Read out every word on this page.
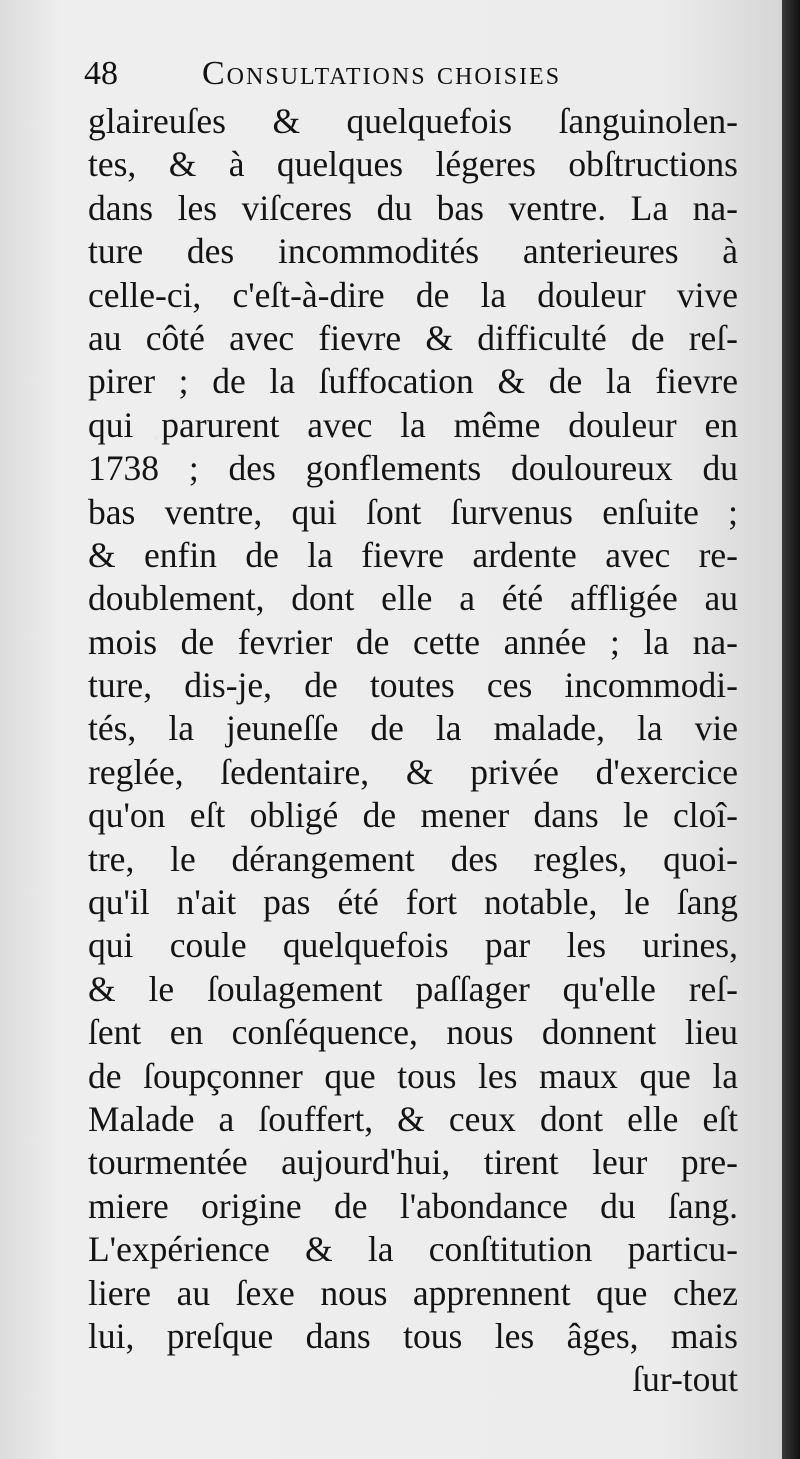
48 Consultations choisies
glaireuſes & quelquefois ſanguinolen-
tes, & à quelques légeres obſtructions
dans les viſceres du bas ventre. La na-
ture des incommodités anterieures à
celle-ci, c'eſt-à-dire de la douleur vive
au côté avec fievre & difficulté de reſ-
pirer ; de la ſuffocation & de la fievre
qui parurent avec la même douleur en
1738 ; des gonflements douloureux du
bas ventre, qui ſont ſurvenus enſuite ;
& enfin de la fievre ardente avec re-
doublement, dont elle a été affligée au
mois de fevrier de cette année ; la na-
ture, dis-je, de toutes ces incommodi-
tés, la jeuneſſe de la malade, la vie
reglée, ſedentaire, & privée d'exercice
qu'on eſt obligé de mener dans le cloî-
tre, le dérangement des regles, quoi-
qu'il n'ait pas été fort notable, le ſang
qui coule quelquefois par les urines,
& le ſoulagement paſſager qu'elle reſ-
ſent en conſéquence, nous donnent lieu
de ſoupçonner que tous les maux que la
Malade a ſouffert, & ceux dont elle eſt
tourmentée aujourd'hui, tirent leur pre-
miere origine de l'abondance du ſang.
L'expérience & la conſtitution particu-
liere au ſexe nous apprennent que chez
lui, preſque dans tous les âges, mais
ſur-tout
